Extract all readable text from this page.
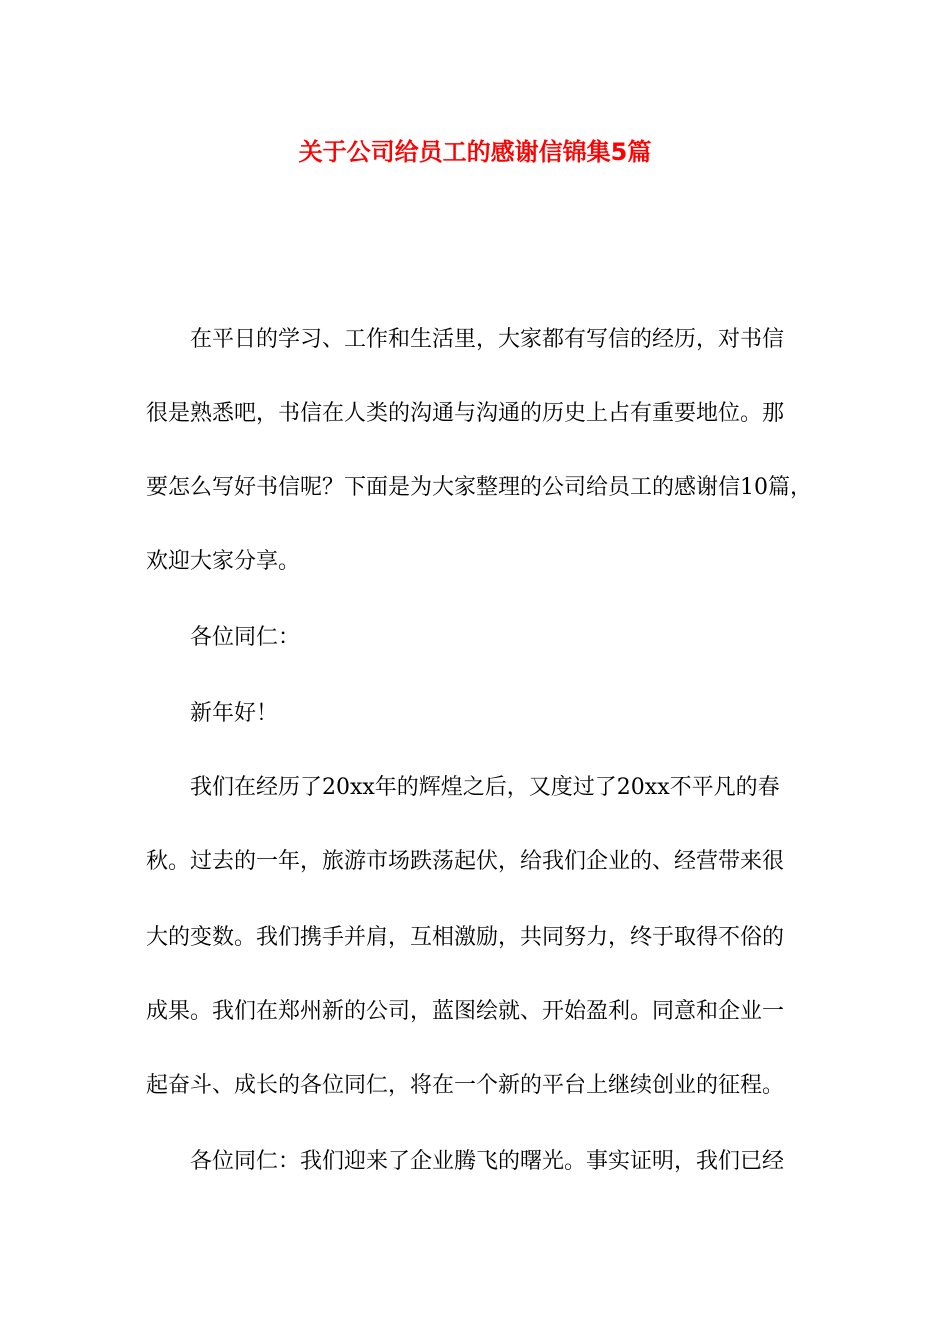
关于公司给员工的感谢信锦集5篇

在平日的学习、工作和生活里，大家都有写信的经历，对书信

很是熟悉吧，书信在人类的沟通与沟通的历史上占有重要地位。那

要怎么写好书信呢？下面是为大家整理的公司给员工的感谢信10篇，

欢迎大家分享。

各位同仁：

新年好！

我们在经历了20xx年的辉煌之后，又度过了20xx不平凡的春

秋。过去的一年，旅游市场跌荡起伏，给我们企业的、经营带来很

大的变数。我们携手并肩，互相激励，共同努力，终于取得不俗的

成果。我们在郑州新的公司，蓝图绘就、开始盈利。同意和企业一

起奋斗、成长的各位同仁，将在一个新的平台上继续创业的征程。

各位同仁：我们迎来了企业腾飞的曙光。事实证明，我们已经
